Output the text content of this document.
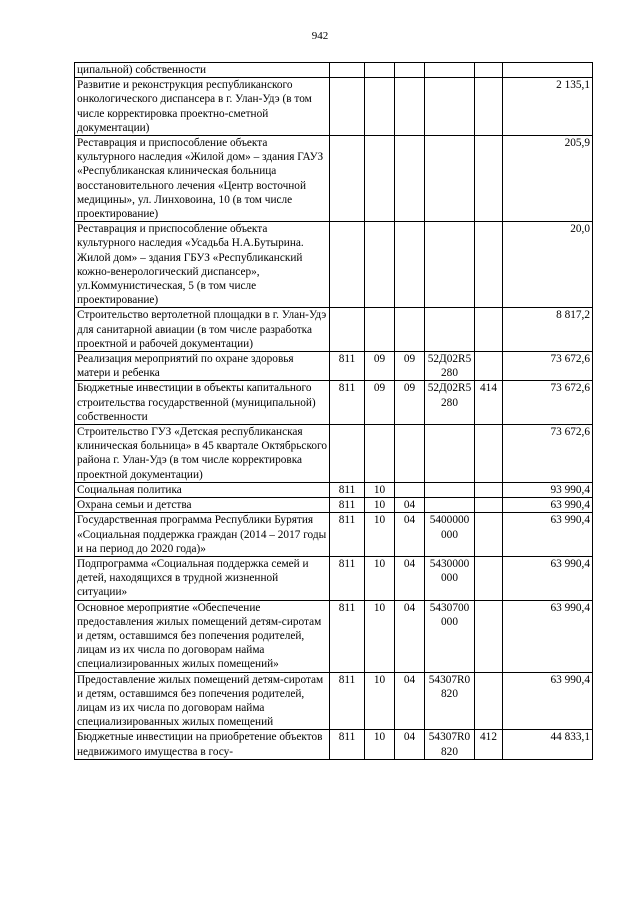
942
ципальной) собственности						
Развитие и реконструкция республиканского онкологического диспансера в г. Улан-Удэ (в том числе корректировка проектно-сметной документации)						2 135,1
Реставрация и приспособление объекта культурного наследия «Жилой дом» – здания ГАУЗ «Республиканская клиническая больница восстановительного лечения «Центр восточной медицины», ул. Линховоина, 10 (в том числе проектирование)						205,9
Реставрация и приспособление объекта культурного наследия «Усадьба Н.А.Бутырина. Жилой дом» – здания ГБУЗ «Республиканский кожно-венерологический диспансер», ул.Коммунистическая, 5 (в том числе проектирование)						20,0
Строительство вертолетной площадки в г. Улан-Удэ для санитарной авиации (в том числе разработка проектной и рабочей документации)						8 817,2
Реализация мероприятий по охране здоровья матери и ребенка	811	09	09	52Д02R5 280		73 672,6
Бюджетные инвестиции в объекты капитального строительства государственной (муниципальной) собственности	811	09	09	52Д02R5 280	414	73 672,6
Строительство ГУЗ «Детская республиканская клиническая больница» в 45 квартале Октябрьского района г. Улан-Удэ (в том числе корректировка проектной документации)						73 672,6
Социальная политика	811	10				93 990,4
Охрана семьи и детства	811	10	04			63 990,4
Государственная программа Республики Бурятия «Социальная поддержка граждан (2014 – 2017 годы и на период до 2020 года)»	811	10	04	5400000 000		63 990,4
Подпрограмма «Социальная поддержка семей и детей, находящихся в трудной жизненной ситуации»	811	10	04	5430000 000		63 990,4
Основное мероприятие «Обеспечение предоставления жилых помещений детям-сиротам и детям, оставшимся без попечения родителей, лицам из их числа по договорам найма специализированных жилых помещений»	811	10	04	5430700 000		63 990,4
Предоставление жилых помещений детям-сиротам и детям, оставшимся без попечения родителей, лицам из их числа по договорам найма специализированных жилых помещений	811	10	04	54307R0 820		63 990,4
Бюджетные инвестиции на приобретение объектов недвижимого имущества в госу-	811	10	04	54307R0 820	412	44 833,1
